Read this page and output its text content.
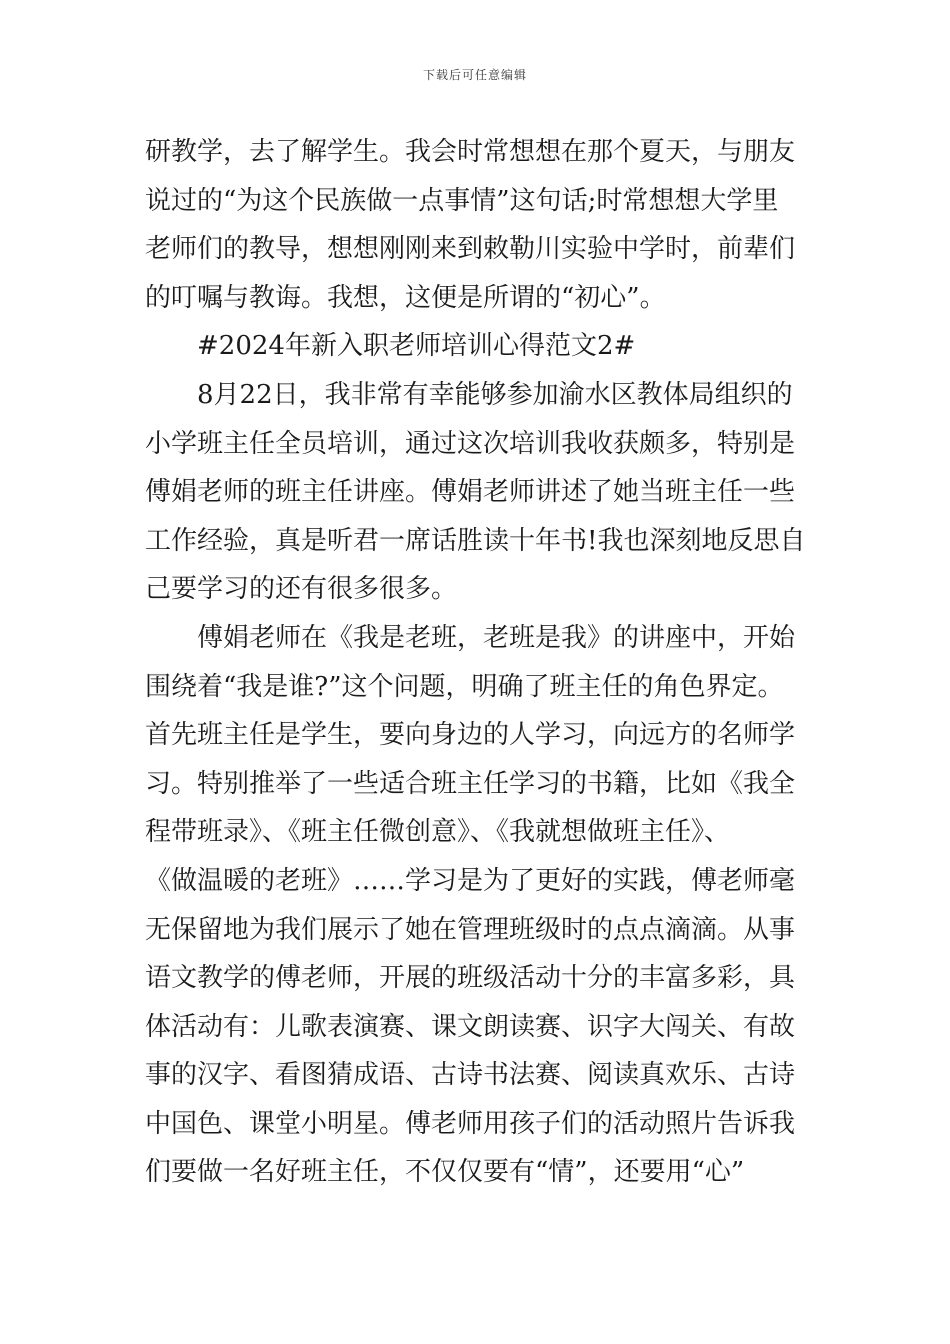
下载后可任意编辑

研教学，去了解学生。我会时常想想在那个夏天，与朋友

说过的“为这个民族做一点事情”这句话;时常想想大学里

老师们的教导，想想刚刚来到敕勒川实验中学时，前辈们

的叮嘱与教诲。我想，这便是所谓的“初心”。

　　#2024年新入职老师培训心得范文2#

　　8月22日，我非常有幸能够参加渝水区教体局组织的

小学班主任全员培训，通过这次培训我收获颇多，特别是

傅娟老师的班主任讲座。傅娟老师讲述了她当班主任一些

工作经验，真是听君一席话胜读十年书!我也深刻地反思自

己要学习的还有很多很多。

　　傅娟老师在《我是老班，老班是我》的讲座中，开始

围绕着“我是谁?”这个问题，明确了班主任的角色界定。

首先班主任是学生，要向身边的人学习，向远方的名师学

习。特别推举了一些适合班主任学习的书籍，比如《我全

程带班录》、《班主任微创意》、《我就想做班主任》、

《做温暖的老班》……学习是为了更好的实践，傅老师毫

无保留地为我们展示了她在管理班级时的点点滴滴。从事

语文教学的傅老师，开展的班级活动十分的丰富多彩，具

体活动有：儿歌表演赛、课文朗读赛、识字大闯关、有故

事的汉字、看图猜成语、古诗书法赛、阅读真欢乐、古诗

中国色、课堂小明星。傅老师用孩子们的活动照片告诉我

们要做一名好班主任，不仅仅要有“情”，还要用“心”
